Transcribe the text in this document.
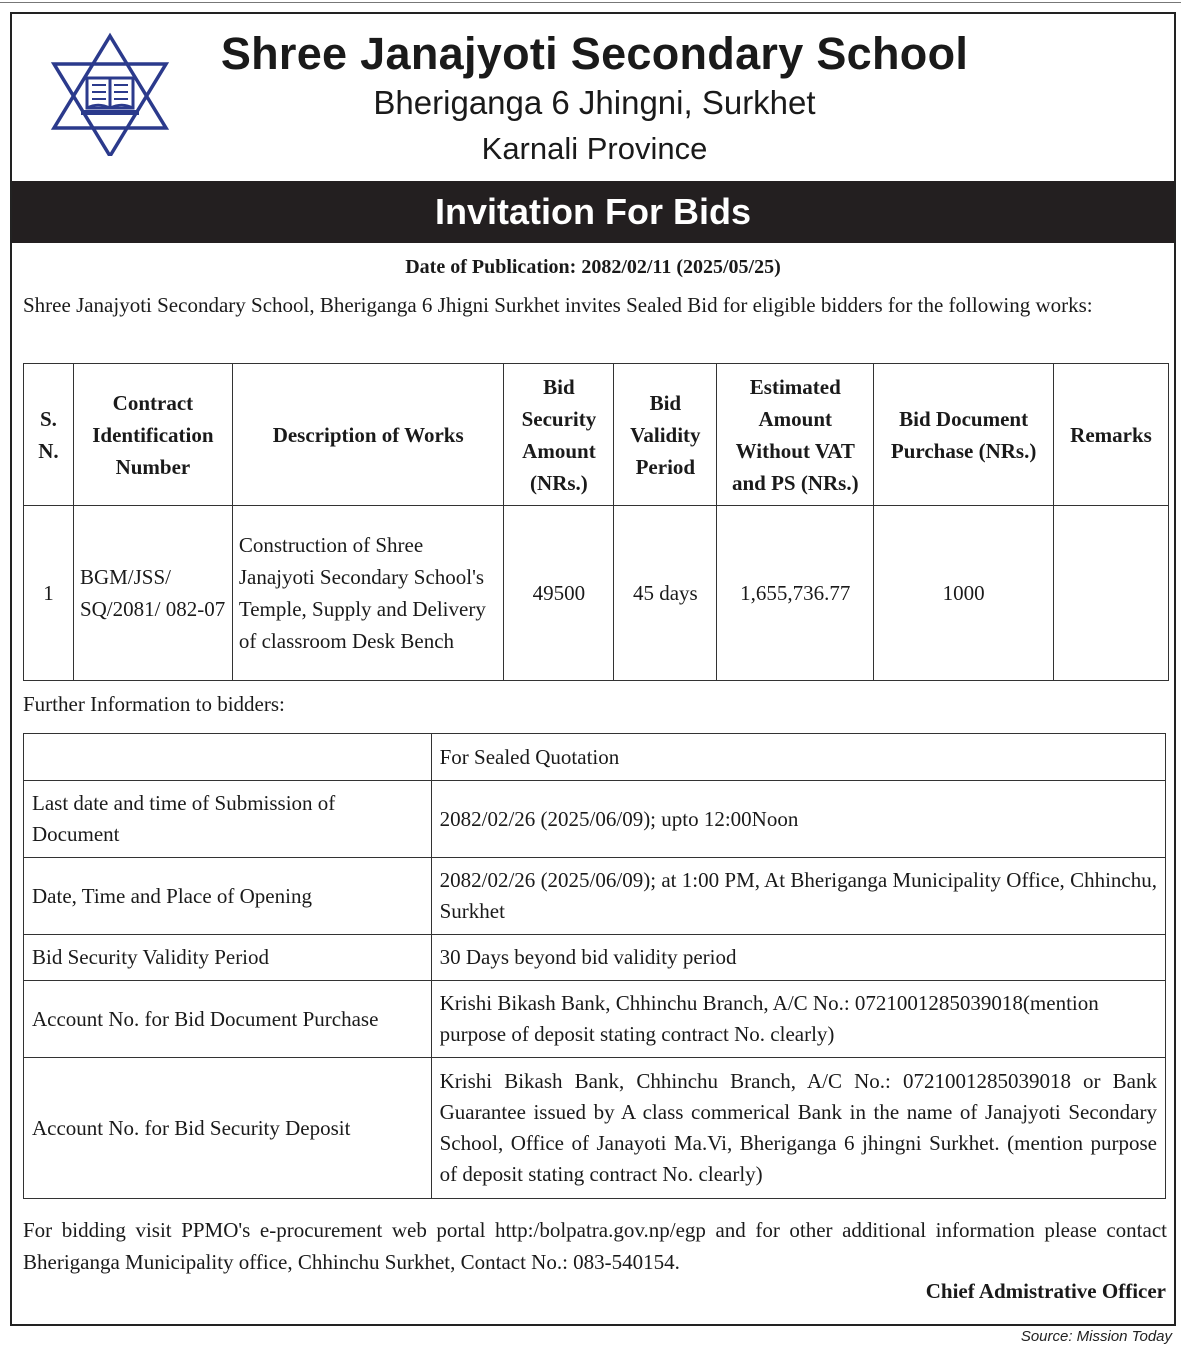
Shree Janajyoti Secondary School
Bheriganga 6 Jhingni, Surkhet
Karnali Province
Invitation For Bids
Date of Publication: 2082/02/11 (2025/05/25)
Shree Janajyoti Secondary School, Bheriganga 6 Jhigni Surkhet invites Sealed Bid for eligible bidders for the following works:
S. N.	Contract Identification Number	Description of Works	Bid Security Amount (NRs.)	Bid Validity Period	Estimated Amount Without VAT and PS (NRs.)	Bid Document Purchase (NRs.)	Remarks
1	BGM/JSS/ SQ/2081/ 082-07	Construction of Shree Janajyoti Secondary School's Temple, Supply and Delivery of classroom Desk Bench	49500	45 days	1,655,736.77	1000	
Further Information to bidders:
	For Sealed Quotation
Last date and time of Submission of Document	2082/02/26 (2025/06/09); upto 12:00Noon
Date, Time and Place of Opening	2082/02/26 (2025/06/09); at 1:00 PM, At Bheriganga Municipality Office, Chhinchu, Surkhet
Bid Security Validity Period	30 Days beyond bid validity period
Account No. for Bid Document Purchase	Krishi Bikash Bank, Chhinchu Branch, A/C No.: 0721001285039018(mention purpose of deposit stating contract No. clearly)
Account No. for Bid Security Deposit	Krishi Bikash Bank, Chhinchu Branch, A/C No.: 0721001285039018 or Bank Guarantee issued by A class commerical Bank in the name of Janajyoti Secondary School, Office of Janayoti Ma.Vi, Bheriganga 6 jhingni Surkhet. (mention purpose of deposit stating contract No. clearly)
For bidding visit PPMO's e-procurement web portal http:/bolpatra.gov.np/egp and for other additional information please contact Bheriganga Municipality office, Chhinchu Surkhet, Contact No.: 083-540154.
Chief Admistrative Officer
Source: Mission Today
